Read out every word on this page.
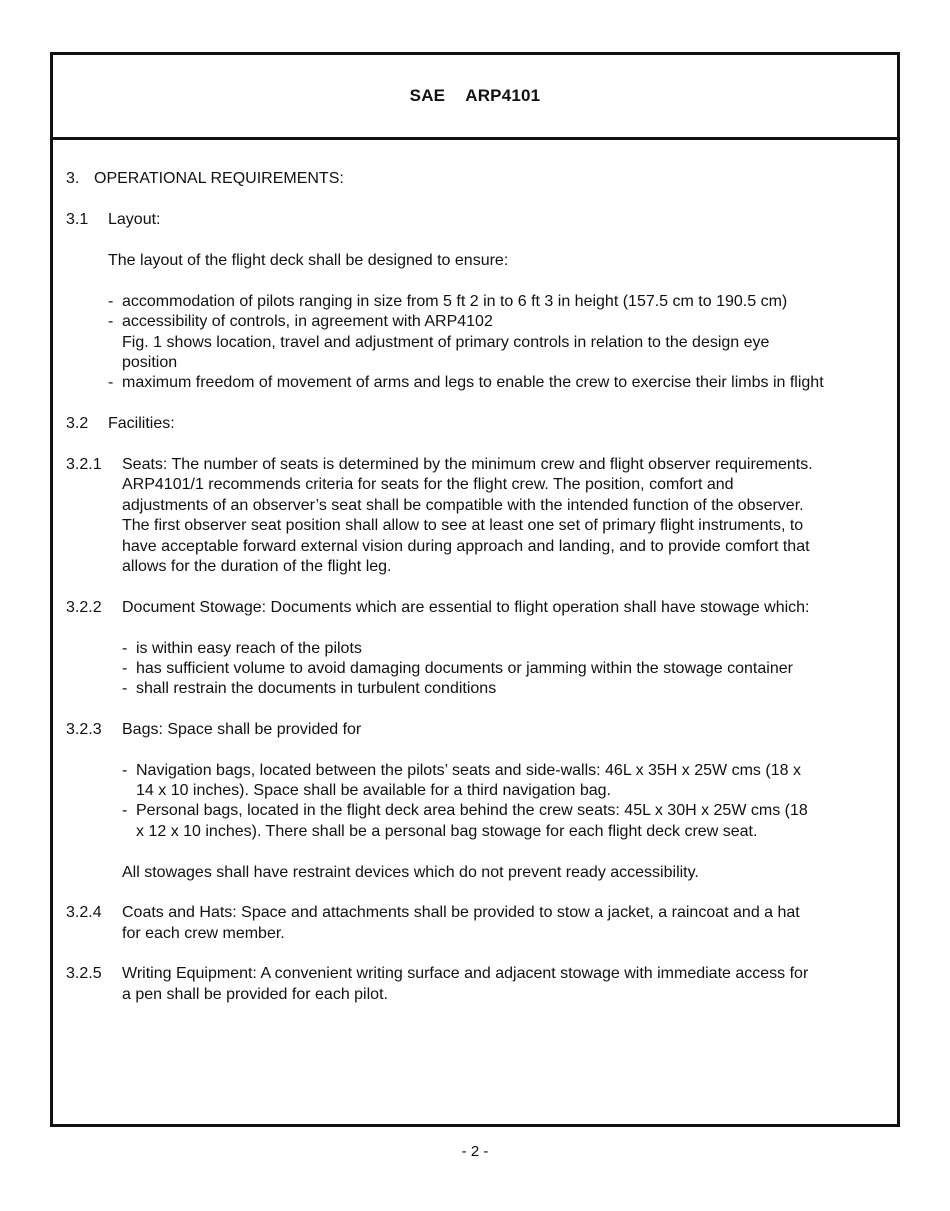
SAE ARP4101
3. OPERATIONAL REQUIREMENTS:
3.1 Layout:
The layout of the flight deck shall be designed to ensure:
- accommodation of pilots ranging in size from 5 ft 2 in to 6 ft 3 in height (157.5 cm to 190.5 cm)
- accessibility of controls, in agreement with ARP4102
Fig. 1 shows location, travel and adjustment of primary controls in relation to the design eye
position
- maximum freedom of movement of arms and legs to enable the crew to exercise their limbs in flight
3.2 Facilities:
3.2.1 Seats: The number of seats is determined by the minimum crew and flight observer requirements.
ARP4101/1 recommends criteria for seats for the flight crew. The position, comfort and
adjustments of an observer’s seat shall be compatible with the intended function of the observer.
The first observer seat position shall allow to see at least one set of primary flight instruments, to
have acceptable forward external vision during approach and landing, and to provide comfort that
allows for the duration of the flight leg.
3.2.2 Document Stowage: Documents which are essential to flight operation shall have stowage which:
- is within easy reach of the pilots
- has sufficient volume to avoid damaging documents or jamming within the stowage container
- shall restrain the documents in turbulent conditions
3.2.3 Bags: Space shall be provided for
- Navigation bags, located between the pilots’ seats and side-walls: 46L x 35H x 25W cms (18 x
14 x 10 inches). Space shall be available for a third navigation bag.
- Personal bags, located in the flight deck area behind the crew seats: 45L x 30H x 25W cms (18
x 12 x 10 inches). There shall be a personal bag stowage for each flight deck crew seat.
All stowages shall have restraint devices which do not prevent ready accessibility.
3.2.4 Coats and Hats: Space and attachments shall be provided to stow a jacket, a raincoat and a hat
for each crew member.
3.2.5 Writing Equipment: A convenient writing surface and adjacent stowage with immediate access for
a pen shall be provided for each pilot.
- 2 -
